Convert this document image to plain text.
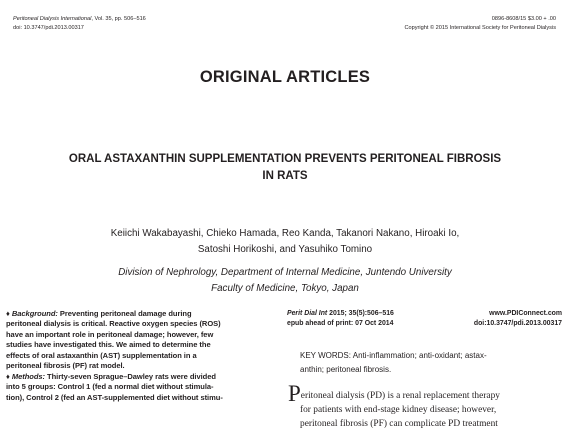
Peritoneal Dialysis International, Vol. 35, pp. 506–516
doi: 10.3747/pdi.2013.00317
0896-8608/15 $3.00 + .00
Copyright © 2015 International Society for Peritoneal Dialysis
ORIGINAL ARTICLES
ORAL ASTAXANTHIN SUPPLEMENTATION PREVENTS PERITONEAL FIBROSIS
IN RATS
Keiichi Wakabayashi, Chieko Hamada, Reo Kanda, Takanori Nakano, Hiroaki Io,
Satoshi Horikoshi, and Yasuhiko Tomino
Division of Nephrology, Department of Internal Medicine, Juntendo University
Faculty of Medicine, Tokyo, Japan
♦ Background: Preventing peritoneal damage during
peritoneal dialysis is critical. Reactive oxygen species (ROS)
have an important role in peritoneal damage; however, few
studies have investigated this. We aimed to determine the
effects of oral astaxanthin (AST) supplementation in a
peritoneal fibrosis (PF) rat model.
♦ Methods: Thirty-seven Sprague–Dawley rats were divided
into 5 groups: Control 1 (fed a normal diet without stimula-
tion), Control 2 (fed an AST-supplemented diet without stimu-
Perit Dial Int 2015; 35(5):506–516	www.PDIConnect.com
epub ahead of print: 07 Oct 2014	doi:10.3747/pdi.2013.00317
KEY WORDS: Anti-inflammation; anti-oxidant; astax-
anthin; peritoneal fibrosis.
Peritoneal dialysis (PD) is a renal replacement therapy
for patients with end-stage kidney disease; however,
peritoneal fibrosis (PF) can complicate PD treatment
